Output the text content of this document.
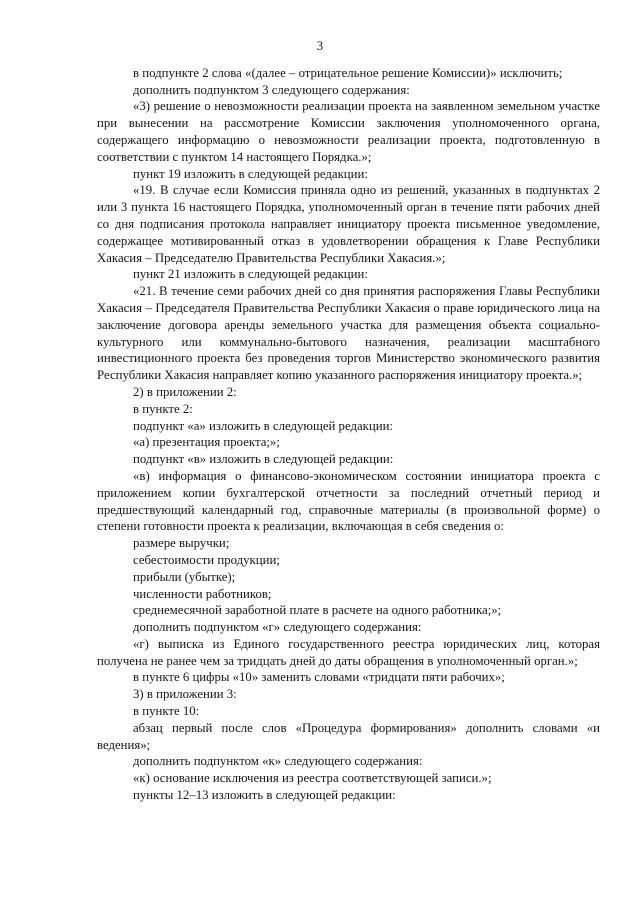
3

в подпункте 2 слова «(далее – отрицательное решение Комиссии)» исключить;

дополнить подпунктом 3 следующего содержания:

«3) решение о невозможности реализации проекта на заявленном земельном участке при вынесении на рассмотрение Комиссии заключения уполномоченного органа, содержащего информацию о невозможности реализации проекта, подготовленную в соответствии с пунктом 14 настоящего Порядка.»;

пункт 19 изложить в следующей редакции:

«19. В случае если Комиссия приняла одно из решений, указанных в подпунктах 2 или 3 пункта 16 настоящего Порядка, уполномоченный орган в течение пяти рабочих дней со дня подписания протокола направляет инициатору проекта письменное уведомление, содержащее мотивированный отказ в удовлетворении обращения к Главе Республики Хакасия – Председателю Правительства Республики Хакасия.»;

пункт 21 изложить в следующей редакции:

«21. В течение семи рабочих дней со дня принятия распоряжения Главы Республики Хакасия – Председателя Правительства Республики Хакасия о праве юридического лица на заключение договора аренды земельного участка для размещения объекта социально-культурного или коммунально-бытового назначения, реализации масштабного инвестиционного проекта без проведения торгов Министерство экономического развития Республики Хакасия направляет копию указанного распоряжения инициатору проекта.»;

2) в приложении 2:

в пункте 2:

подпункт «а» изложить в следующей редакции:

«а) презентация проекта;»;

подпункт «в» изложить в следующей редакции:

«в) информация о финансово-экономическом состоянии инициатора проекта с приложением копии бухгалтерской отчетности за последний отчетный период и предшествующий календарный год, справочные материалы (в произвольной форме) о степени готовности проекта к реализации, включающая в себя сведения о:

размере выручки;

себестоимости продукции;

прибыли (убытке);

численности работников;

среднемесячной заработной плате в расчете на одного работника;»;

дополнить подпунктом «г» следующего содержания:

«г) выписка из Единого государственного реестра юридических лиц, которая получена не ранее чем за тридцать дней до даты обращения в уполномоченный орган.»;

в пункте 6 цифры «10» заменить словами «тридцати пяти рабочих»;

3) в приложении 3:

в пункте 10:

абзац первый после слов «Процедура формирования» дополнить словами «и ведения»;

дополнить подпунктом «к» следующего содержания:

«к) основание исключения из реестра соответствующей записи.»;

пункты 12–13 изложить в следующей редакции:
